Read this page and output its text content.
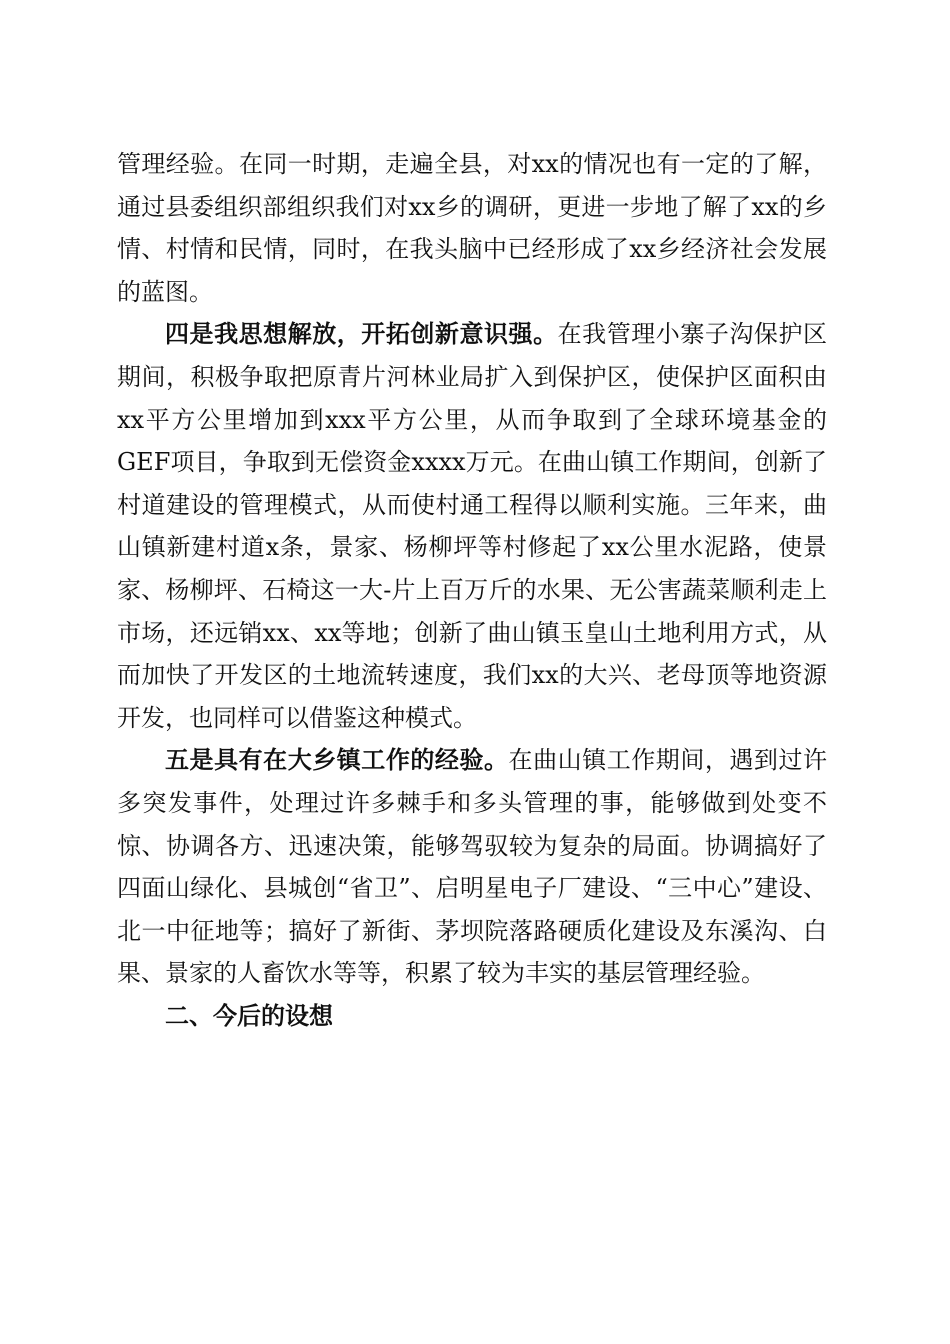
管理经验。在同一时期，走遍全县，对xx的情况也有一定的了解，通过县委组织部组织我们对xx乡的调研，更进一步地了解了xx的乡情、村情和民情，同时，在我头脑中已经形成了xx乡经济社会发展的蓝图。

四是我思想解放，开拓创新意识强。在我管理小寨子沟保护区期间，积极争取把原青片河林业局扩入到保护区，使保护区面积由xx平方公里增加到xxx平方公里，从而争取到了全球环境基金的GEF项目，争取到无偿资金xxxx万元。在曲山镇工作期间，创新了村道建设的管理模式，从而使村通工程得以顺利实施。三年来，曲山镇新建村道x条，景家、杨柳坪等村修起了xx公里水泥路，使景家、杨柳坪、石椅这一大-片上百万斤的水果、无公害蔬菜顺利走上市场，还远销xx、xx等地；创新了曲山镇玉皇山土地利用方式，从而加快了开发区的土地流转速度，我们xx的大兴、老母顶等地资源开发，也同样可以借鉴这种模式。

五是具有在大乡镇工作的经验。在曲山镇工作期间，遇到过许多突发事件，处理过许多棘手和多头管理的事，能够做到处变不惊、协调各方、迅速决策，能够驾驭较为复杂的局面。协调搞好了四面山绿化、县城创“省卫”、启明星电子厂建设、“三中心”建设、北一中征地等；搞好了新街、茅坝院落路硬质化建设及东溪沟、白果、景家的人畜饮水等等，积累了较为丰实的基层管理经验。

二、今后的设想
